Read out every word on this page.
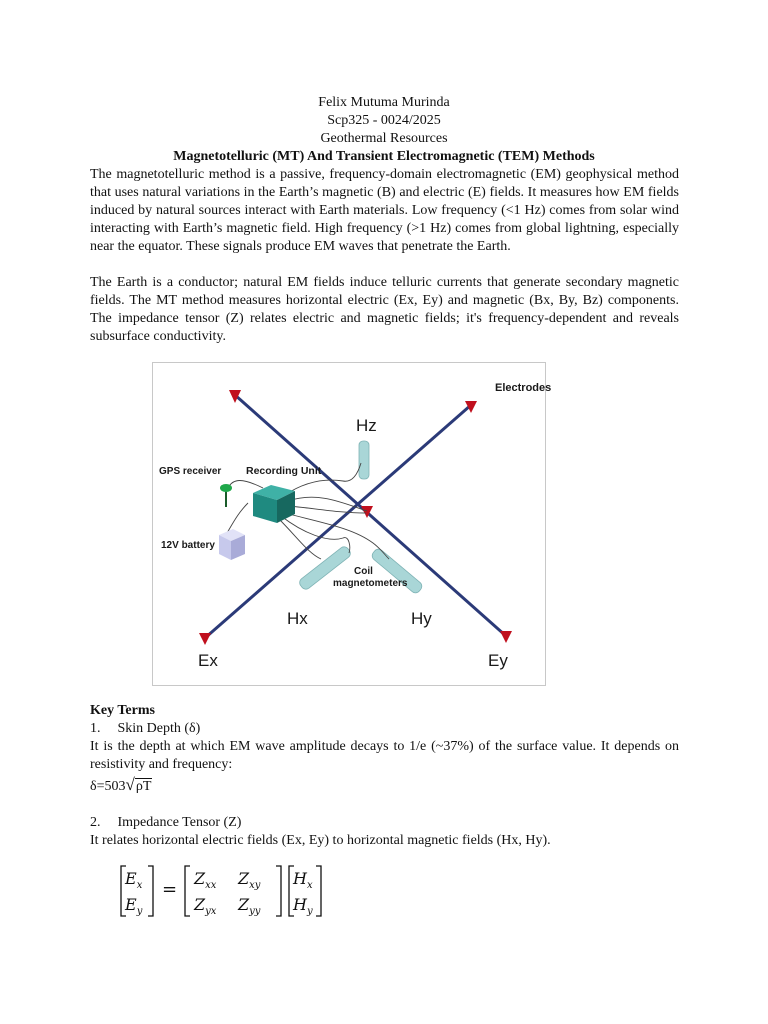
Felix Mutuma Murinda
Scp325 - 0024/2025
Geothermal Resources
Magnetotelluric (MT) And Transient Electromagnetic (TEM) Methods

The magnetotelluric method is a passive, frequency-domain electromagnetic (EM) geophysical method that uses natural variations in the Earth’s magnetic (B) and electric (E) fields. It measures how EM fields induced by natural sources interact with Earth materials. Low frequency (<1 Hz) comes from solar wind interacting with Earth’s magnetic field. High frequency (>1 Hz) comes from global lightning, especially near the equator. These signals produce EM waves that penetrate the Earth.

The Earth is a conductor; natural EM fields induce telluric currents that generate secondary magnetic fields. The MT method measures horizontal electric (Ex, Ey) and magnetic (Bx, By, Bz) components. The impedance tensor (Z) relates electric and magnetic fields; it's frequency-dependent and reveals subsurface conductivity.

Electrodes
Hz
GPS receiver Recording Unit
12V battery
Coil
magnetometers
Hx	Hy
Ex	Ey
Key Terms
1. Skin Depth (δ)

It is the depth at which EM wave amplitude decays to 1/e (~37%) of the surface value. It depends on resistivity and frequency:

δ=503√ρT
2. Impedance Tensor (Z)
It relates horizontal electric fields (Ex, Ey) to horizontal magnetic fields (Hx, Hy).
$E_x$
$E_y$
=
$Z_{xx}$ $Z_{xy}$
$Z_{yx}$ $Z_{yy}$
$H_x$
$H_y$
